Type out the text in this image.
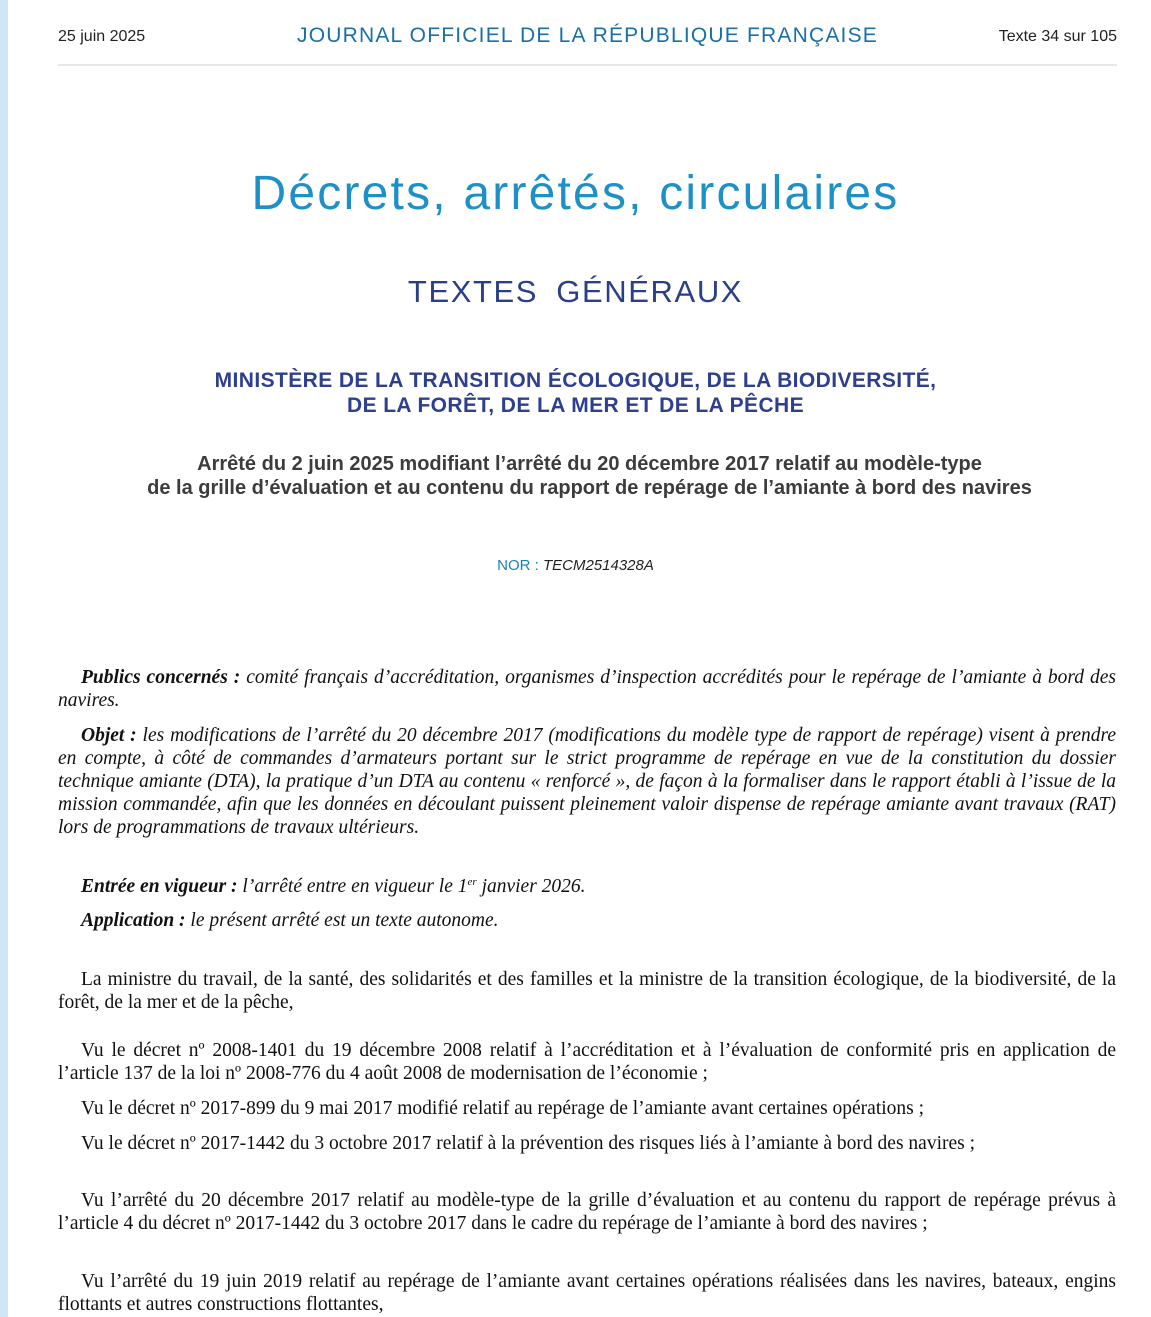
25 juin 2025	JOURNAL OFFICIEL DE LA RÉPUBLIQUE FRANÇAISE	Texte 34 sur 105
Décrets, arrêtés, circulaires
TEXTES GÉNÉRAUX
MINISTÈRE DE LA TRANSITION ÉCOLOGIQUE, DE LA BIODIVERSITÉ,
DE LA FORÊT, DE LA MER ET DE LA PÊCHE
Arrêté du 2 juin 2025 modifiant l’arrêté du 20 décembre 2017 relatif au modèle-type
de la grille d’évaluation et au contenu du rapport de repérage de l’amiante à bord des navires
NOR : TECM2514328A
Publics concernés : comité français d’accréditation, organismes d’inspection accrédités pour le repérage de l’amiante à bord des navires.
Objet : les modifications de l’arrêté du 20 décembre 2017 (modifications du modèle type de rapport de repérage) visent à prendre en compte, à côté de commandes d’armateurs portant sur le strict programme de repérage en vue de la constitution du dossier technique amiante (DTA), la pratique d’un DTA au contenu « renforcé », de façon à la formaliser dans le rapport établi à l’issue de la mission commandée, afin que les données en découlant puissent pleinement valoir dispense de repérage amiante avant travaux (RAT) lors de programmations de travaux ultérieurs.
Entrée en vigueur : l’arrêté entre en vigueur le 1er janvier 2026.
Application : le présent arrêté est un texte autonome.
La ministre du travail, de la santé, des solidarités et des familles et la ministre de la transition écologique, de la biodiversité, de la forêt, de la mer et de la pêche,
Vu le décret nº 2008-1401 du 19 décembre 2008 relatif à l’accréditation et à l’évaluation de conformité pris en application de l’article 137 de la loi nº 2008-776 du 4 août 2008 de modernisation de l’économie ;
Vu le décret nº 2017-899 du 9 mai 2017 modifié relatif au repérage de l’amiante avant certaines opérations ;
Vu le décret nº 2017-1442 du 3 octobre 2017 relatif à la prévention des risques liés à l’amiante à bord des navires ;
Vu l’arrêté du 20 décembre 2017 relatif au modèle-type de la grille d’évaluation et au contenu du rapport de repérage prévus à l’article 4 du décret nº 2017-1442 du 3 octobre 2017 dans le cadre du repérage de l’amiante à bord des navires ;
Vu l’arrêté du 19 juin 2019 relatif au repérage de l’amiante avant certaines opérations réalisées dans les navires, bateaux, engins flottants et autres constructions flottantes,
